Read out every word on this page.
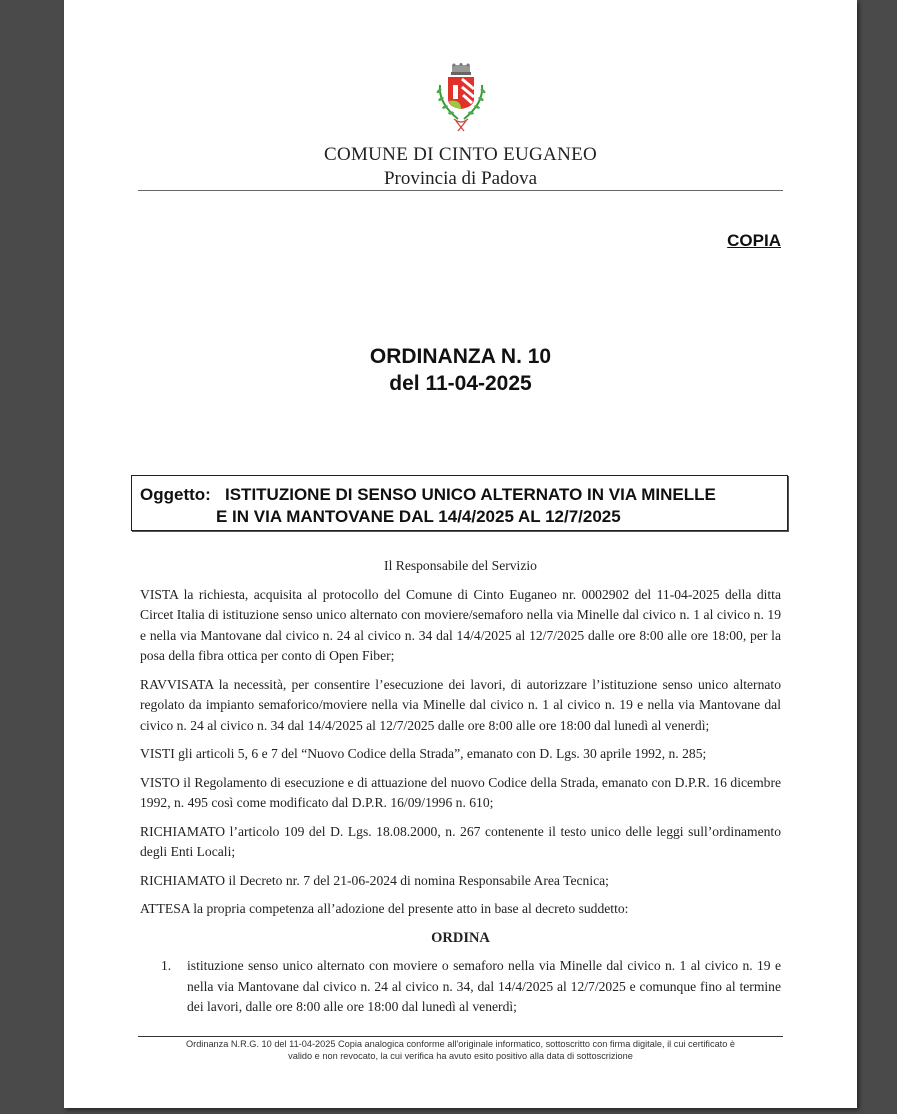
COMUNE DI CINTO EUGANEO
Provincia di Padova
COPIA
ORDINANZA N. 10
del 11-04-2025
Oggetto: ISTITUZIONE DI SENSO UNICO ALTERNATO IN VIA MINELLE
E IN VIA MANTOVANE DAL 14/4/2025 AL 12/7/2025

Il Responsabile del Servizio

VISTA la richiesta, acquisita al protocollo del Comune di Cinto Euganeo nr. 0002902 del 11-04-2025 della ditta Circet Italia di istituzione senso unico alternato con moviere/semaforo nella via Minelle dal civico n. 1 al civico n. 19 e nella via Mantovane dal civico n. 24 al civico n. 34 dal 14/4/2025 al 12/7/2025 dalle ore 8:00 alle ore 18:00, per la posa della fibra ottica per conto di Open Fiber;

RAVVISATA la necessità, per consentire l’esecuzione dei lavori, di autorizzare l’istituzione senso unico alternato regolato da impianto semaforico/moviere nella via Minelle dal civico n. 1 al civico n. 19 e nella via Mantovane dal civico n. 24 al civico n. 34 dal 14/4/2025 al 12/7/2025 dalle ore 8:00 alle ore 18:00 dal lunedì al venerdì;

VISTI gli articoli 5, 6 e 7 del “Nuovo Codice della Strada”, emanato con D. Lgs. 30 aprile 1992, n. 285;

VISTO il Regolamento di esecuzione e di attuazione del nuovo Codice della Strada, emanato con D.P.R. 16 dicembre 1992, n. 495 così come modificato dal D.P.R. 16/09/1996 n. 610;

RICHIAMATO l’articolo 109 del D. Lgs. 18.08.2000, n. 267 contenente il testo unico delle leggi sull’ordinamento degli Enti Locali;

RICHIAMATO il Decreto nr. 7 del 21-06-2024 di nomina Responsabile Area Tecnica;

ATTESA la propria competenza all’adozione del presente atto in base al decreto suddetto:

ORDINA

1.	istituzione senso unico alternato con moviere o semaforo nella via Minelle dal civico n. 1 al civico n. 19 e nella via Mantovane dal civico n. 24 al civico n. 34, dal 14/4/2025 al 12/7/2025 e comunque fino al termine dei lavori, dalle ore 8:00 alle ore 18:00 dal lunedì al venerdì;
Ordinanza N.R.G. 10 del 11-04-2025 Copia analogica conforme all'originale informatico, sottoscritto con firma digitale, il cui certificato è
valido e non revocato, la cui verifica ha avuto esito positivo alla data di sottoscrizione
